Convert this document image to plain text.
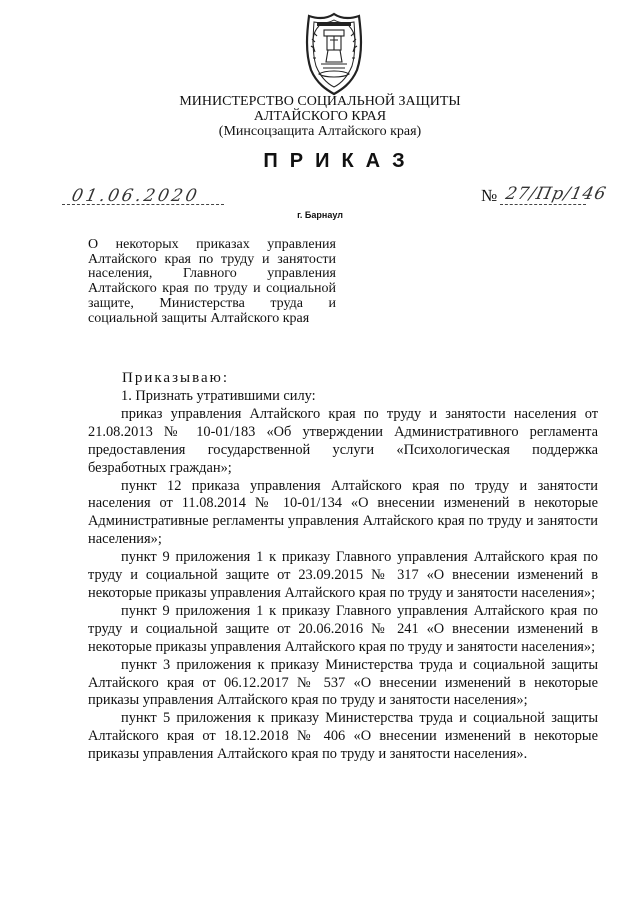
МИНИСТЕРСТВО СОЦИАЛЬНОЙ ЗАЩИТЫ
АЛТАЙСКОГО КРАЯ
(Минсоцзащита Алтайского края)
ПРИКАЗ
01.06.2020	№ 27/Пр/146
г. Барнаул
О некоторых приказах управления Алтайского края по труду и занятости населения, Главного управления Алтайского края по труду и социальной защите, Министерства труда и социальной защиты Алтайского края
Приказываю:

1. Признать утратившими силу:

приказ управления Алтайского края по труду и занятости населения от 21.08.2013 № 10-01/183 «Об утверждении Административного регламента предоставления государственной услуги «Психологическая поддержка безработных граждан»;

пункт 12 приказа управления Алтайского края по труду и занятости населения от 11.08.2014 № 10-01/134 «О внесении изменений в некоторые Административные регламенты управления Алтайского края по труду и занятости населения»;

пункт 9 приложения 1 к приказу Главного управления Алтайского края по труду и социальной защите от 23.09.2015 № 317 «О внесении изменений в некоторые приказы управления Алтайского края по труду и занятости населения»;

пункт 9 приложения 1 к приказу Главного управления Алтайского края по труду и социальной защите от 20.06.2016 № 241 «О внесении изменений в некоторые приказы управления Алтайского края по труду и занятости населения»;

пункт 3 приложения к приказу Министерства труда и социальной защиты Алтайского края от 06.12.2017 № 537 «О внесении изменений в некоторые приказы управления Алтайского края по труду и занятости населения»;

пункт 5 приложения к приказу Министерства труда и социальной защиты Алтайского края от 18.12.2018 № 406 «О внесении изменений в некоторые приказы управления Алтайского края по труду и занятости населения».
